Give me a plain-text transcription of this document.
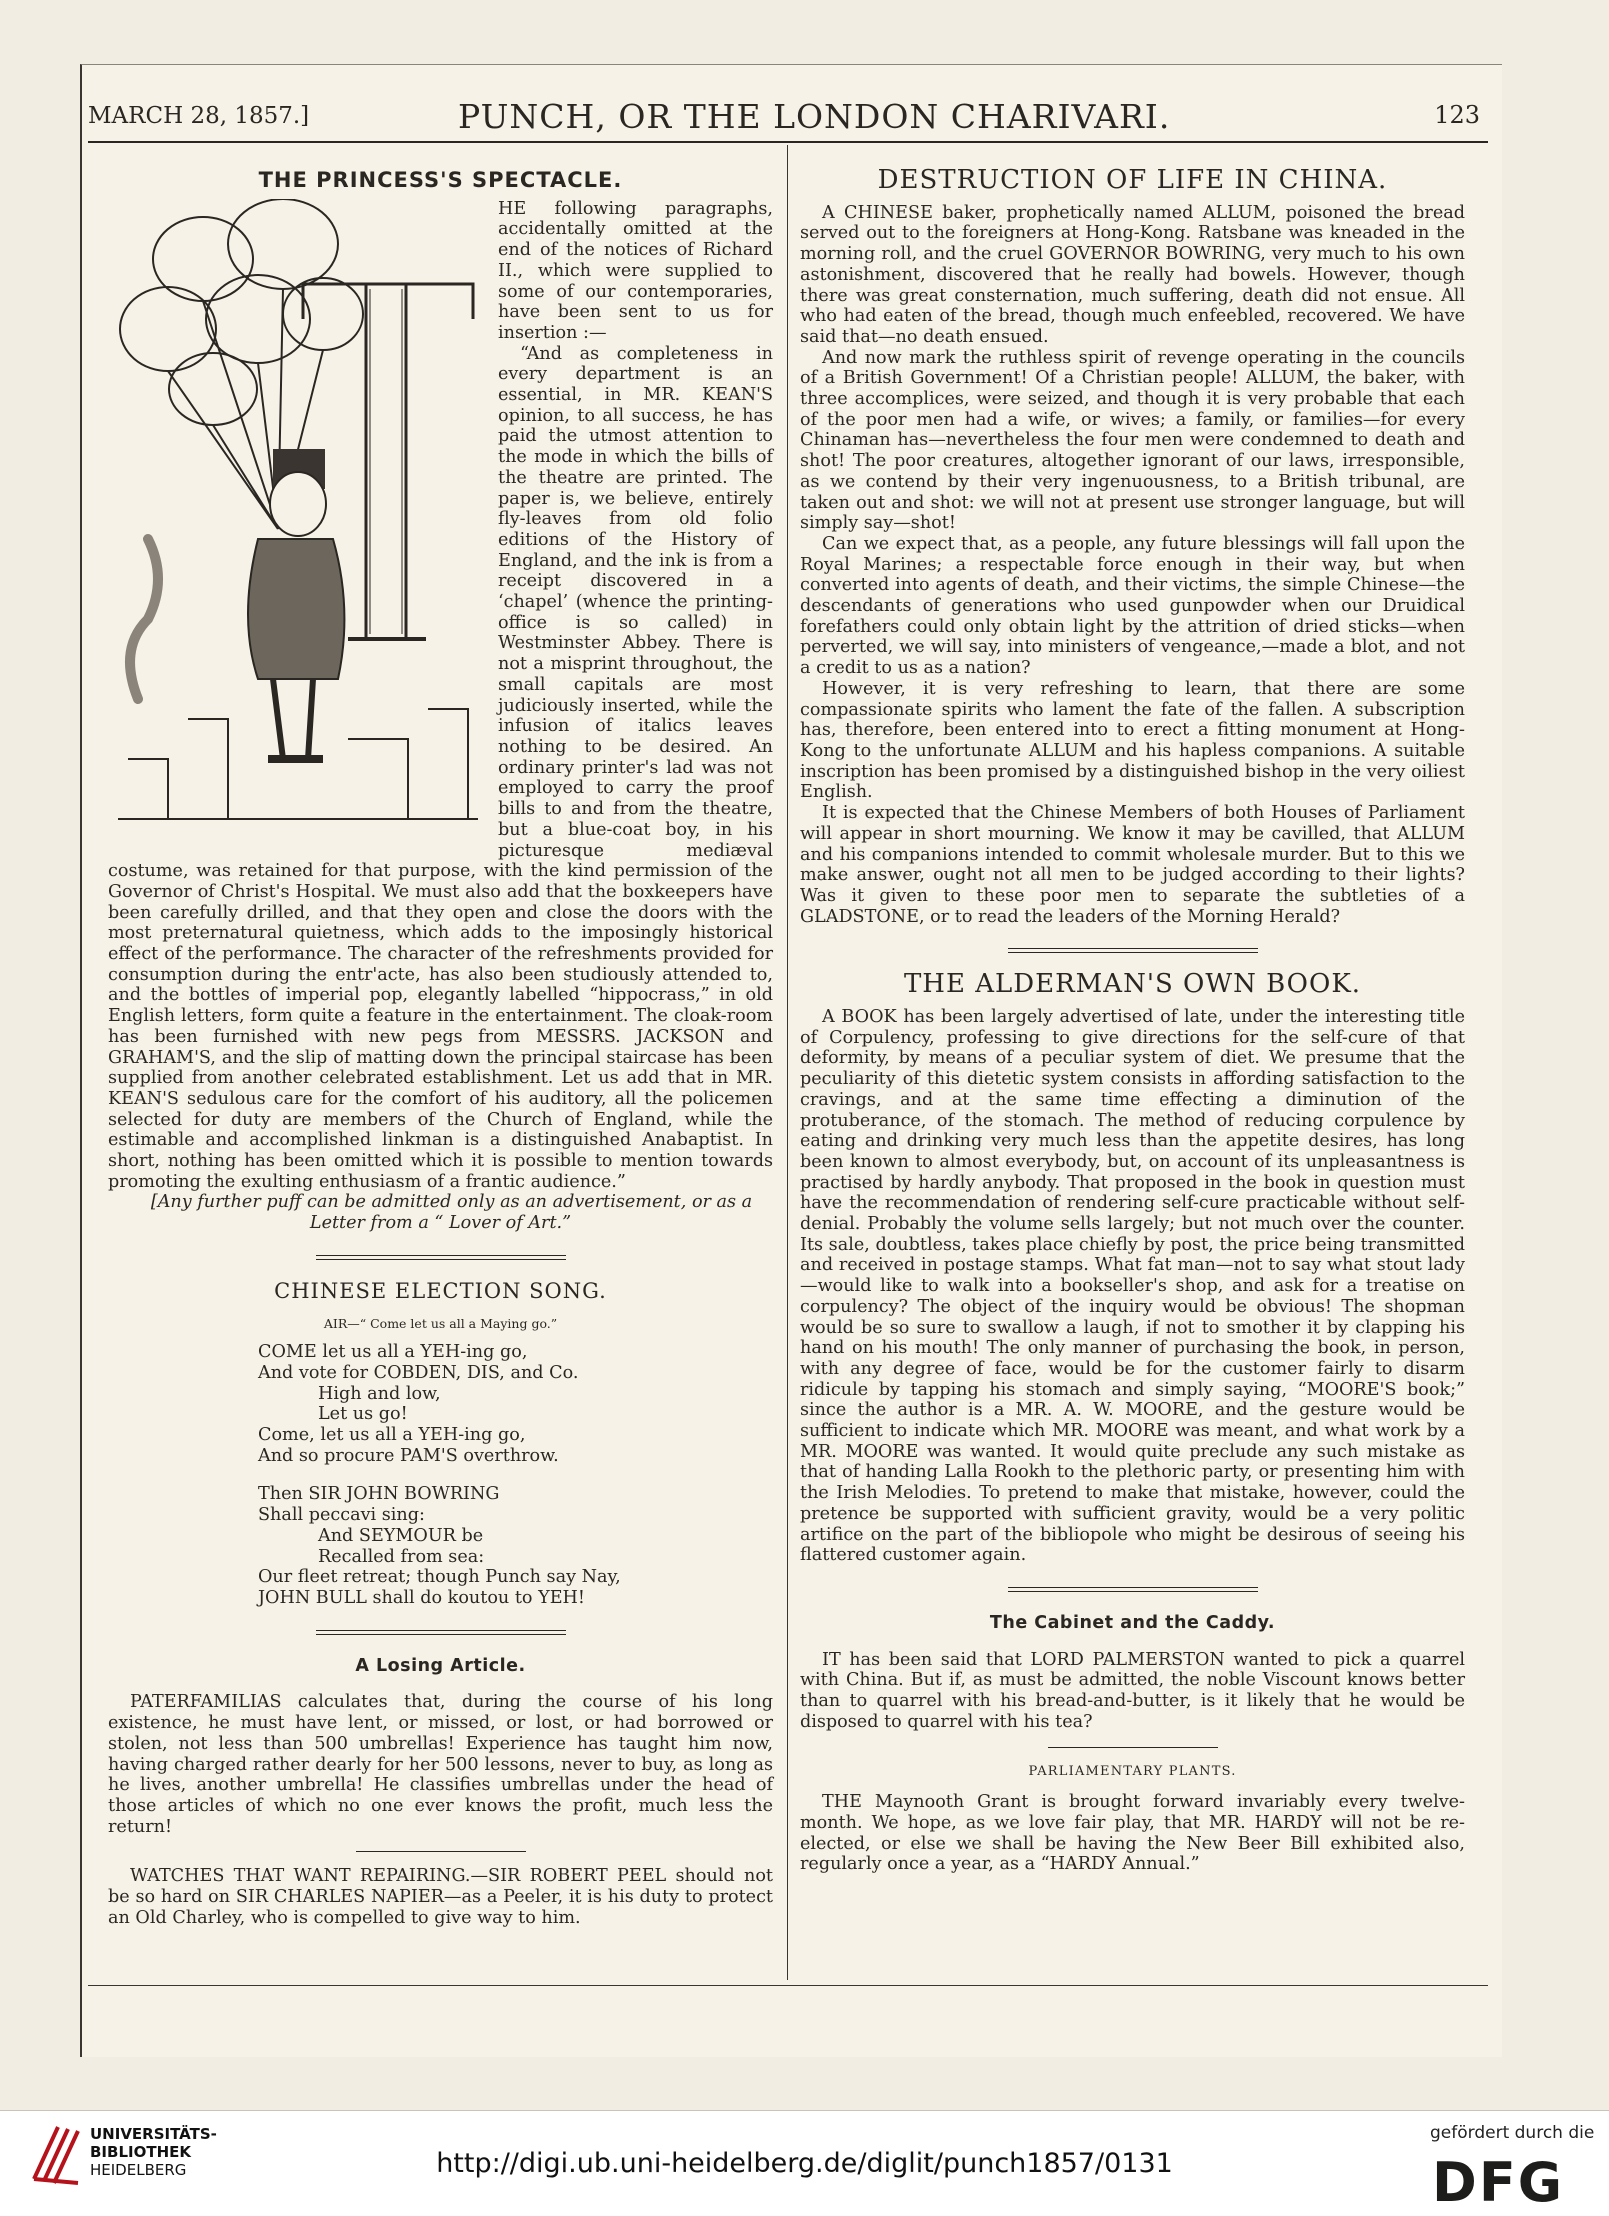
MARCH 28, 1857.]	PUNCH, OR THE LONDON CHARIVARI.	123
THE PRINCESS'S SPECTACLE.

HE following paragraphs, accidentally omitted at the end of the notices of Richard II., which were supplied to some of our contemporaries, have been sent to us for insertion :—

“And as completeness in every department is an essential, in MR. KEAN'S opinion, to all success, he has paid the utmost attention to the mode in which the bills of the theatre are printed. The paper is, we believe, entirely fly-leaves from old folio editions of the History of England, and the ink is from a receipt discovered in a ‘chapel’ (whence the printing-office is so called) in Westminster Abbey. There is not a misprint throughout, the small capitals are most judiciously inserted, while the infusion of italics leaves nothing to be desired. An ordinary printer's lad was not employed to carry the proof bills to and from the theatre, but a blue-coat boy, in his picturesque mediæval costume, was retained for that purpose, with the kind permission of the Governor of Christ's Hospital. We must also add that the boxkeepers have been carefully drilled, and that they open and close the doors with the most preternatural quietness, which adds to the imposingly historical effect of the performance. The character of the refreshments provided for consumption during the entr'acte, has also been studiously attended to, and the bottles of imperial pop, elegantly labelled “hippocrass,” in old English letters, form quite a feature in the entertainment. The cloak-room has been furnished with new pegs from MESSRS. JACKSON and GRAHAM'S, and the slip of matting down the principal staircase has been supplied from another celebrated establishment. Let us add that in MR. KEAN'S sedulous care for the comfort of his auditory, all the policemen selected for duty are members of the Church of England, while the estimable and accomplished linkman is a distinguished Anabaptist. In short, nothing has been omitted which it is possible to mention towards promoting the exulting enthusiasm of a frantic audience.”

[Any further puff can be admitted only as an advertisement, or as a Letter from a “ Lover of Art.”

CHINESE ELECTION SONG.
AIR—“ Come let us all a Maying go.”
COME let us all a YEH-ing go,
And vote for COBDEN, DIS, and Co.
High and low,
Let us go!
Come, let us all a YEH-ing go,
And so procure PAM'S overthrow.
Then SIR JOHN BOWRING
Shall peccavi sing:
And SEYMOUR be
Recalled from sea:
Our fleet retreat; though Punch say Nay,
JOHN BULL shall do koutou to YEH!
A Losing Article.

PATERFAMILIAS calculates that, during the course of his long existence, he must have lent, or missed, or lost, or had borrowed or stolen, not less than 500 umbrellas! Experience has taught him now, having charged rather dearly for her 500 lessons, never to buy, as long as he lives, another umbrella! He classifies umbrellas under the head of those articles of which no one ever knows the profit, much less the return!

WATCHES THAT WANT REPAIRING.—SIR ROBERT PEEL should not be so hard on SIR CHARLES NAPIER—as a Peeler, it is his duty to protect an Old Charley, who is compelled to give way to him.

DESTRUCTION OF LIFE IN CHINA.

A CHINESE baker, prophetically named ALLUM, poisoned the bread served out to the foreigners at Hong-Kong. Ratsbane was kneaded in the morning roll, and the cruel GOVERNOR BOWRING, very much to his own astonishment, discovered that he really had bowels. However, though there was great consternation, much suffering, death did not ensue. All who had eaten of the bread, though much enfeebled, recovered. We have said that—no death ensued.

And now mark the ruthless spirit of revenge operating in the councils of a British Government! Of a Christian people! ALLUM, the baker, with three accomplices, were seized, and though it is very probable that each of the poor men had a wife, or wives; a family, or families—for every Chinaman has—nevertheless the four men were condemned to death and shot! The poor creatures, altogether ignorant of our laws, irresponsible, as we contend by their very ingenuousness, to a British tribunal, are taken out and shot: we will not at present use stronger language, but will simply say—shot!

Can we expect that, as a people, any future blessings will fall upon the Royal Marines; a respectable force enough in their way, but when converted into agents of death, and their victims, the simple Chinese—the descendants of generations who used gunpowder when our Druidical forefathers could only obtain light by the attrition of dried sticks—when perverted, we will say, into ministers of vengeance,—made a blot, and not a credit to us as a nation?

However, it is very refreshing to learn, that there are some compassionate spirits who lament the fate of the fallen. A subscription has, therefore, been entered into to erect a fitting monument at Hong-Kong to the unfortunate ALLUM and his hapless companions. A suitable inscription has been promised by a distinguished bishop in the very oiliest English.

It is expected that the Chinese Members of both Houses of Parliament will appear in short mourning. We know it may be cavilled, that ALLUM and his companions intended to commit wholesale murder. But to this we make answer, ought not all men to be judged according to their lights? Was it given to these poor men to separate the subtleties of a GLADSTONE, or to read the leaders of the Morning Herald?

THE ALDERMAN'S OWN BOOK.

A BOOK has been largely advertised of late, under the interesting title of Corpulency, professing to give directions for the self-cure of that deformity, by means of a peculiar system of diet. We presume that the peculiarity of this dietetic system consists in affording satisfaction to the cravings, and at the same time effecting a diminution of the protuberance, of the stomach. The method of reducing corpulence by eating and drinking very much less than the appetite desires, has long been known to almost everybody, but, on account of its unpleasantness is practised by hardly anybody. That proposed in the book in question must have the recommendation of rendering self-cure practicable without self-denial. Probably the volume sells largely; but not much over the counter. Its sale, doubtless, takes place chiefly by post, the price being transmitted and received in postage stamps. What fat man—not to say what stout lady—would like to walk into a bookseller's shop, and ask for a treatise on corpulency? The object of the inquiry would be obvious! The shopman would be so sure to swallow a laugh, if not to smother it by clapping his hand on his mouth! The only manner of purchasing the book, in person, with any degree of face, would be for the customer fairly to disarm ridicule by tapping his stomach and simply saying, “MOORE'S book;” since the author is a MR. A. W. MOORE, and the gesture would be sufficient to indicate which MR. MOORE was meant, and what work by a MR. MOORE was wanted. It would quite preclude any such mistake as that of handing Lalla Rookh to the plethoric party, or presenting him with the Irish Melodies. To pretend to make that mistake, however, could the pretence be supported with sufficient gravity, would be a very politic artifice on the part of the bibliopole who might be desirous of seeing his flattered customer again.

The Cabinet and the Caddy.

IT has been said that LORD PALMERSTON wanted to pick a quarrel with China. But if, as must be admitted, the noble Viscount knows better than to quarrel with his bread-and-butter, is it likely that he would be disposed to quarrel with his tea?

PARLIAMENTARY PLANTS.

THE Maynooth Grant is brought forward invariably every twelve-month. We hope, as we love fair play, that MR. HARDY will not be re-elected, or else we shall be having the New Beer Bill exhibited also, regularly once a year, as a “HARDY Annual.”

UNIVERSITÄTS-
BIBLIOTHEK
HEIDELBERG	http://digi.ub.uni-heidelberg.de/diglit/punch1857/0131
gefördert durch die
DFG
